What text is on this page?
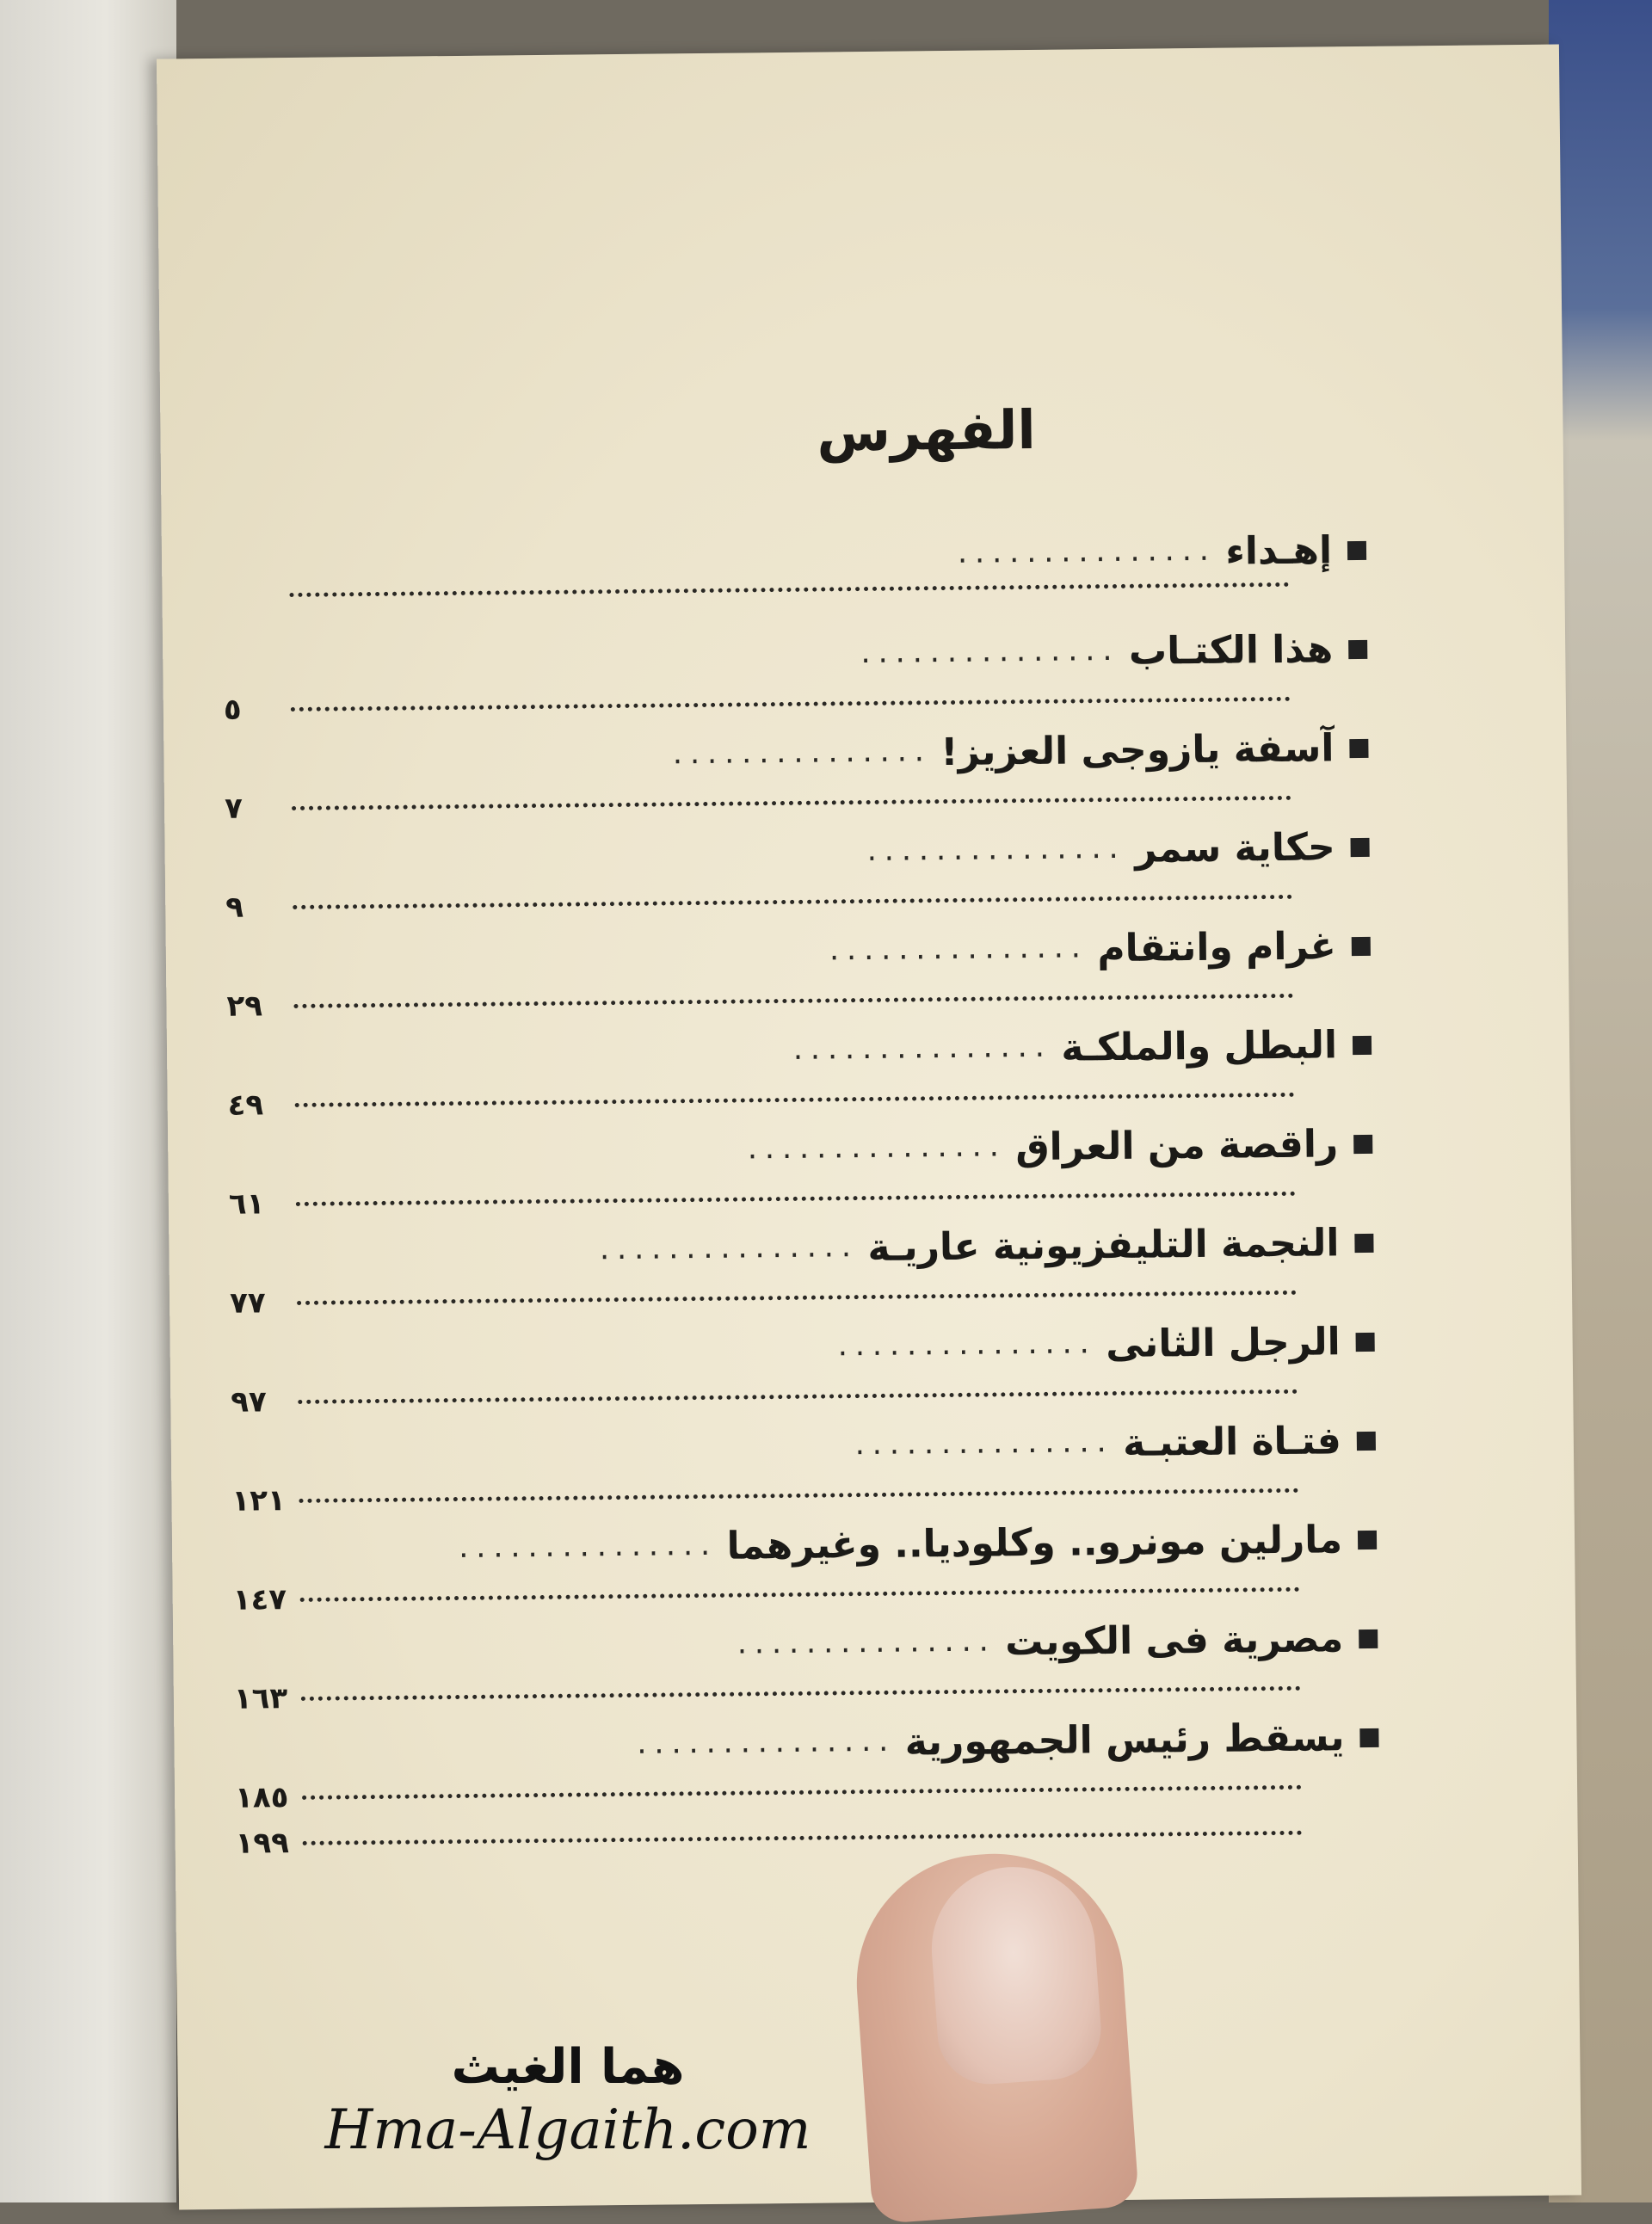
الفهرس
إهـداء
...............
هذا الكتـاب
...............
٥
آسفة يازوجى العزيز!
...............
٧
حكاية سمر
...............
٩
غرام وانتقام
...............
٢٩
البطل والملكـة
...............
٤٩
راقصة من العراق
...............
٦١
النجمة التليفزيونية عاريـة
...............
٧٧
الرجل الثانى
...............
٩٧
فتـاة العتبـة
...............
١٢١
مارلين مونرو.. وكلوديا.. وغيرهما
...............
١٤٧
مصرية فى الكويت
...............
١٦٣
يسقط رئيس الجمهورية
...............
١٨٥
١٩٩
هما الغيث
Hma-Algaith.com
